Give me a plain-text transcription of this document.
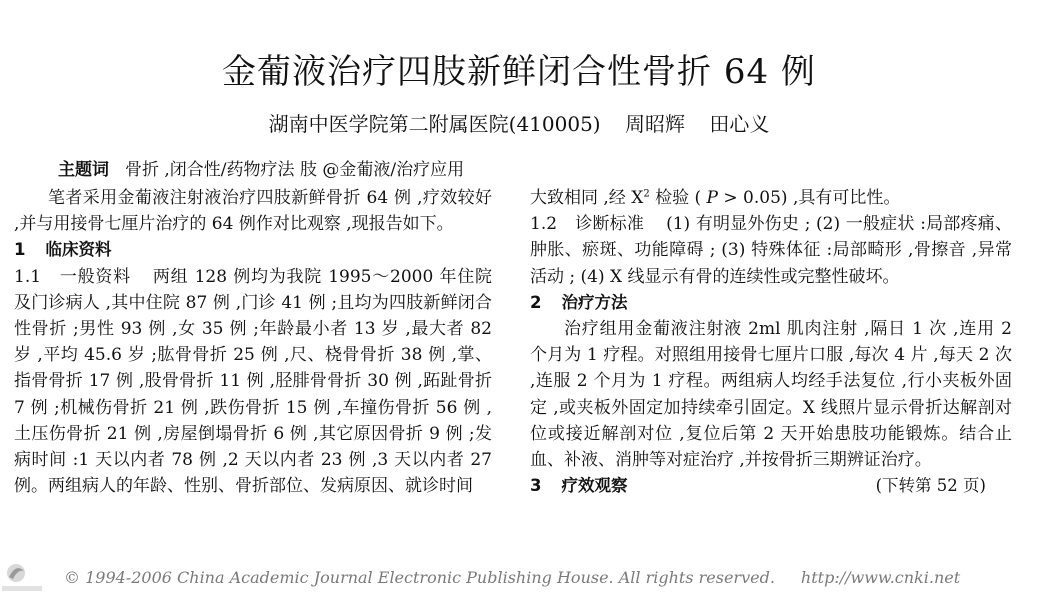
金葡液治疗四肢新鲜闭合性骨折 64 例
湖南中医学院第二附属医院(410005) 周昭辉 田心义
主题词 骨折 ,闭合性/药物疗法 肢 @金葡液/治疗应用

笔者采用金葡液注射液治疗四肢新鲜骨折 64 例 ,疗效较好 ,并与用接骨七厘片治疗的 64 例作对比观察 ,现报告如下。

1 临床资料

1.1 一般资料 两组 128 例均为我院 1995～2000 年住院及门诊病人 ,其中住院 87 例 ,门诊 41 例 ;且均为四肢新鲜闭合性骨折 ;男性 93 例 ,女 35 例 ;年龄最小者 13 岁 ,最大者 82 岁 ,平均 45.6 岁 ;肱骨骨折 25 例 ,尺、桡骨骨折 38 例 ,掌、指骨骨折 17 例 ,股骨骨折 11 例 ,胫腓骨骨折 30 例 ,跖趾骨折 7 例 ;机械伤骨折 21 例 ,跌伤骨折 15 例 ,车撞伤骨折 56 例 ,土压伤骨折 21 例 ,房屋倒塌骨折 6 例 ,其它原因骨折 9 例 ;发病时间 :1 天以内者 78 例 ,2 天以内者 23 例 ,3 天以内者 27 例。两组病人的年龄、性别、骨折部位、发病原因、就诊时间

大致相同 ,经 $X^2$ 检验 ( P > 0.05) ,具有可比性。

1.2 诊断标准 (1) 有明显外伤史 ; (2) 一般症状 :局部疼痛、肿胀、瘀斑、功能障碍 ; (3) 特殊体征 :局部畸形 ,骨擦音 ,异常活动 ; (4) X 线显示有骨的连续性或完整性破坏。

2 治疗方法

治疗组用金葡液注射液 2ml 肌肉注射 ,隔日 1 次 ,连用 2 个月为 1 疗程。对照组用接骨七厘片口服 ,每次 4 片 ,每天 2 次 ,连服 2 个月为 1 疗程。两组病人均经手法复位 ,行小夹板外固定 ,或夹板外固定加持续牵引固定。X 线照片显示骨折达解剖对位或接近解剖对位 ,复位后第 2 天开始患肢功能锻炼。结合止血、补液、消肿等对症治疗 ,并按骨折三期辨证治疗。

3 疗效观察	(下转第 52 页)

© 1994-2006 China Academic Journal Electronic Publishing House. All rights reserved. http://www.cnki.net
